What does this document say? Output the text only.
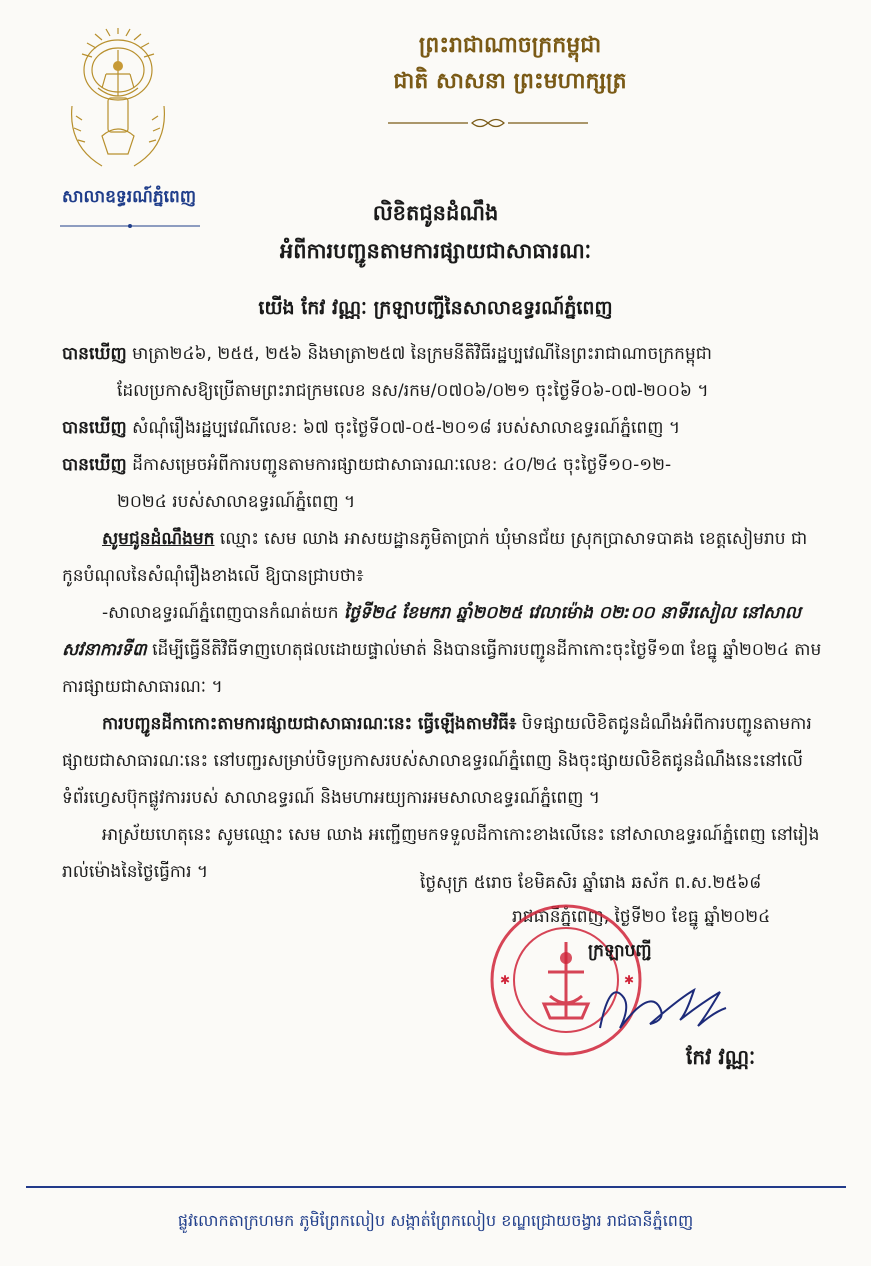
សាលាឧទ្ធរណ៍ភ្នំពេញ
ព្រះរាជាណាចក្រកម្ពុជា
ជាតិ សាសនា ព្រះមហាក្សត្រ
លិខិតជូនដំណឹង
អំពីការបញ្ជូនតាមការផ្សាយជាសាធារណៈ
យើង កែវ វណ្ណៈ ក្រឡាបញ្ជីនៃសាលាឧទ្ធរណ៍ភ្នំពេញ

បានឃើញ មាត្រា២៤៦, ២៥៥, ២៥៦ និងមាត្រា២៥៧ នៃក្រមនីតិវិធីរដ្ឋប្បវេណីនៃព្រះរាជាណាចក្រកម្ពុជា

ដែលប្រកាសឱ្យប្រើតាមព្រះរាជក្រមលេខ នស/រកម/០៧០៦/០២១ ចុះថ្ងៃទី០៦-០៧-២០០៦ ។

បានឃើញ សំណុំរឿងរដ្ឋប្បវេណីលេខ: ៦៧ ចុះថ្ងៃទី០៧-០៥-២០១៨ របស់សាលាឧទ្ធរណ៍ភ្នំពេញ ។

បានឃើញ ដីកាសម្រេចអំពីការបញ្ជូនតាមការផ្សាយជាសាធារណៈលេខ: ៤០/២៤ ចុះថ្ងៃទី១០-១២-

២០២៤ របស់សាលាឧទ្ធរណ៍ភ្នំពេញ ។

សូមជូនដំណឹងមក ឈ្មោះ សេម ឈាង អាសយដ្ឋានភូមិតាប្រាក់ ឃុំមានជ័យ ស្រុកប្រាសាទបាគង ខេត្តសៀមរាប ជាកូនបំណុលនៃសំណុំរឿងខាងលើ ឱ្យបានជ្រាបថា៖

-សាលាឧទ្ធរណ៍ភ្នំពេញបានកំណត់យក ថ្ងៃទី២៤ ខែមករា ឆ្នាំ២០២៥ វេលាម៉ោង ០២:០០ នាទីរសៀល នៅសាលសវនាការទី៣ ដើម្បីធ្វើនីតិវិធីទាញហេតុផលដោយផ្ទាល់មាត់ និងបានធ្វើការបញ្ជូនដីកាកោះចុះថ្ងៃទី១៣ ខែធ្នូ ឆ្នាំ២០២៤ តាមការផ្សាយជាសាធារណៈ ។

ការបញ្ជូនដីកាកោះតាមការផ្សាយជាសាធារណៈនេះ ធ្វើឡើងតាមវិធី៖ បិទផ្សាយលិខិតជូនដំណឹងអំពីការបញ្ជូនតាមការផ្សាយជាសាធារណៈនេះ នៅបញ្ជរសម្រាប់បិទប្រកាសរបស់សាលាឧទ្ធរណ៍ភ្នំពេញ និងចុះផ្សាយលិខិតជូនដំណឹងនេះនៅលើទំព័រហ្វេសប៊ុកផ្លូវការរបស់ សាលាឧទ្ធរណ៍ និងមហាអយ្យការអមសាលាឧទ្ធរណ៍ភ្នំពេញ ។

អាស្រ័យហេតុនេះ សូមឈ្មោះ សេម ឈាង អញ្ជើញមកទទួលដីកាកោះខាងលើនេះ នៅសាលាឧទ្ធរណ៍ភ្នំពេញ នៅរៀងរាល់ម៉ោងនៃថ្ងៃធ្វើការ ។

ថ្ងៃសុក្រ ៥រោច ខែមិគសិរ ឆ្នាំរោង ឆស័ក ព.ស.២៥៦៨
រាជធានីភ្នំពេញ, ថ្ងៃទី២០ ខែធ្នូ ឆ្នាំ២០២៤
✱	✱
ក្រឡាបញ្ជី
កែវ វណ្ណៈ
ផ្លូវលោកតាក្រហមក ភូមិព្រែកលៀប សង្កាត់ព្រែកលៀប ខណ្ឌជ្រោយចង្វារ រាជធានីភ្នំពេញ
